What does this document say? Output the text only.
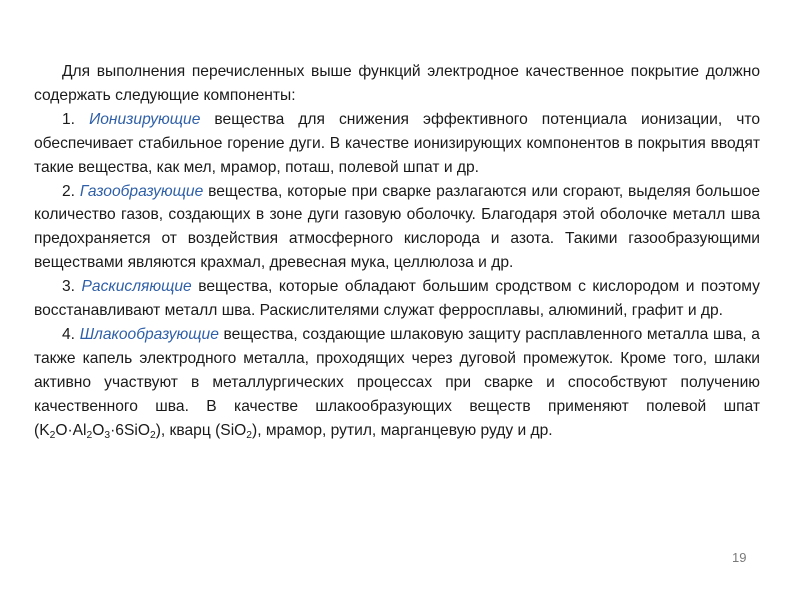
Для выполнения перечисленных выше функций электродное качественное покрытие должно содержать следующие компоненты:

1. Ионизирующие вещества для снижения эффективного потенциала ионизации, что обеспечивает стабильное горение дуги. В качестве ионизирующих компонентов в покрытия вводят такие вещества, как мел, мрамор, поташ, полевой шпат и др.

2. Газообразующие вещества, которые при сварке разлагаются или сгорают, выделяя большое количество газов, создающих в зоне дуги газовую оболочку. Благодаря этой оболочке металл шва предохраняется от воздействия атмосферного кислорода и азота. Такими газообразующими веществами являются крахмал, древесная мука, целлюлоза и др.

3. Раскисляющие вещества, которые обладают большим сродством с кислородом и поэтому восстанавливают металл шва. Раскислителями служат ферросплавы, алюминий, графит и др.

4. Шлакообразующие вещества, создающие шлаковую защиту расплавленного металла шва, а также капель электродного металла, проходящих через дуговой промежуток. Кроме того, шлаки активно участвуют в металлургических процессах при сварке и способствуют получению качественного шва. В качестве шлакообразующих веществ применяют полевой шпат $(K_2O\cdot Al_2O_3\cdot 6SiO_2)$, кварц (SiO$_2$), мрамор, рутил, марганцевую руду и др.

19
